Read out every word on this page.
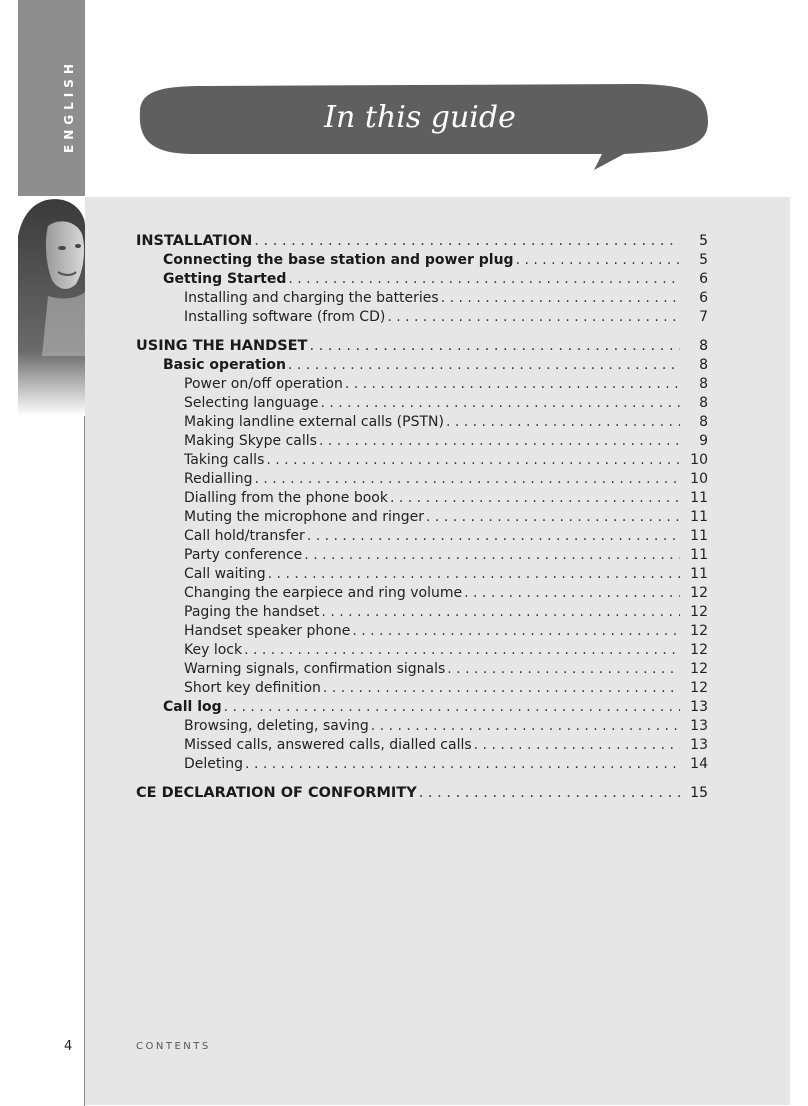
ENGLISH	In this guide
INSTALLATION . . .	5
Connecting the base station and power plug . . .	5
Getting Started . . .	6
Installing and charging the batteries . . .	6
Installing software (from CD) . . .	7
USING THE HANDSET . . .	8
Basic operation . . .	8
Power on/off operation . . .	8
Selecting language . . .	8
Making landline external calls (PSTN) . . .	8
Making Skype calls . . .	9
Taking calls . . .	10
Redialling . . .	10
Dialling from the phone book . . .	11
Muting the microphone and ringer . . .	11
Call hold/transfer . . .	11
Party conference . . .	11
Call waiting . . .	11
Changing the earpiece and ring volume . . .	12
Paging the handset . . .	12
Handset speaker phone . . .	12
Key lock . . .	12
Warning signals, confirmation signals . . .	12
Short key definition . . .	12
Call log . . .	13
Browsing, deleting, saving . . .	13
Missed calls, answered calls, dialled calls . . .	13
Deleting . . .	14
CE DECLARATION OF CONFORMITY . . .	15
4	CONTENTS
